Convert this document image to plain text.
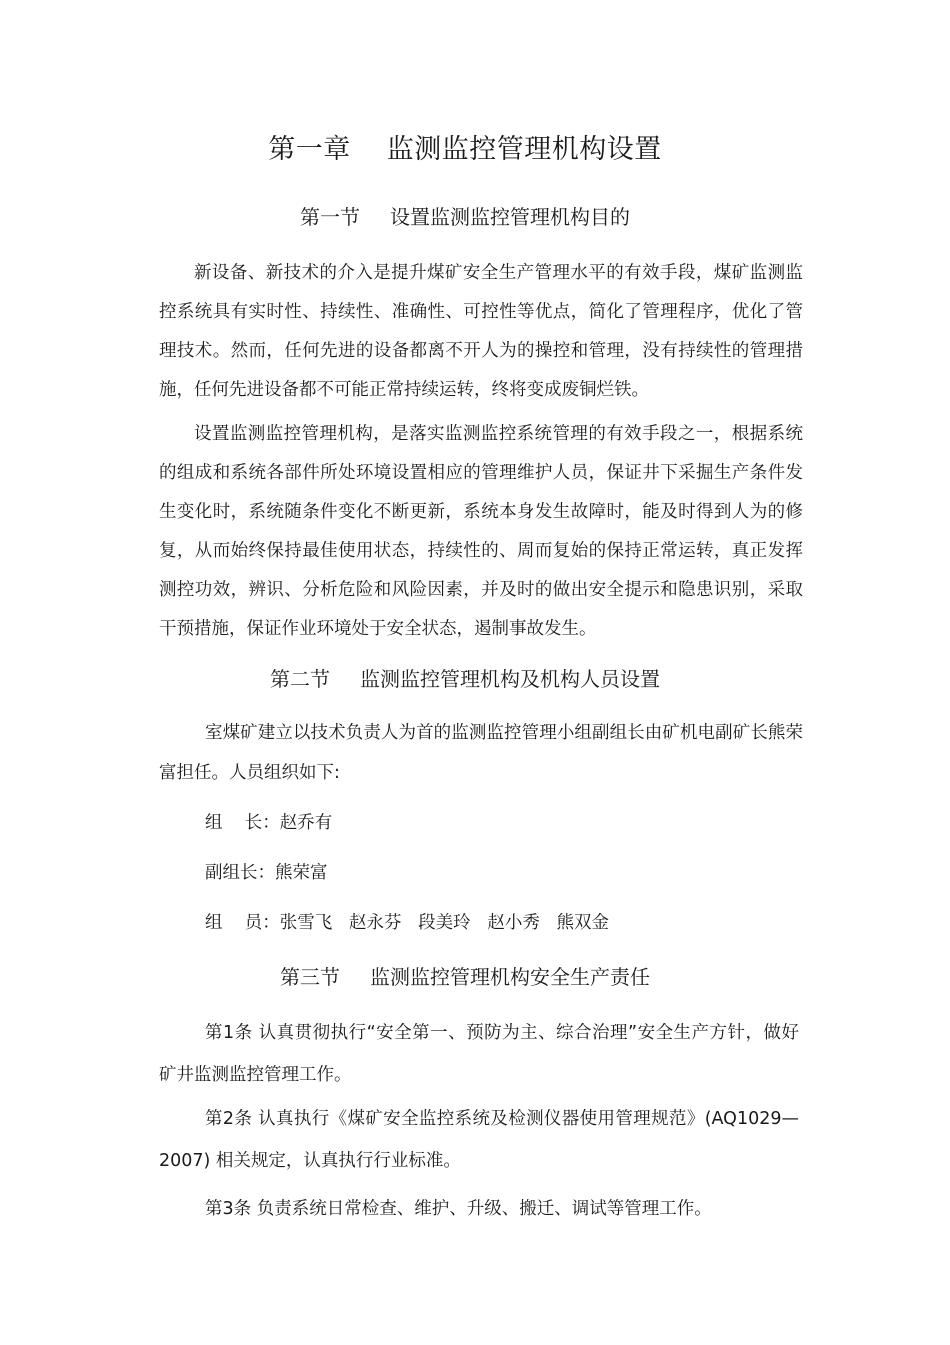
第一章 监测监控管理机构设置
第一节 设置监测监控管理机构目的

新设备、新技术的介入是提升煤矿安全生产管理水平的有效手段，煤矿监测监控系统具有实时性、持续性、准确性、可控性等优点，简化了管理程序，优化了管理技术。然而，任何先进的设备都离不开人为的操控和管理，没有持续性的管理措施，任何先进设备都不可能正常持续运转，终将变成废铜烂铁。

设置监测监控管理机构，是落实监测监控系统管理的有效手段之一，根据系统的组成和系统各部件所处环境设置相应的管理维护人员，保证井下采掘生产条件发生变化时，系统随条件变化不断更新，系统本身发生故障时，能及时得到人为的修复，从而始终保持最佳使用状态，持续性的、周而复始的保持正常运转，真正发挥测控功效，辨识、分析危险和风险因素，并及时的做出安全提示和隐患识别，采取干预措施，保证作业环境处于安全状态，遏制事故发生。

第二节 监测监控管理机构及机构人员设置

室煤矿建立以技术负责人为首的监测监控管理小组副组长由矿机电副矿长熊荣富担任。人员组织如下:

组    长：赵乔有

副组长：熊荣富

组    员：张雪飞   赵永芬   段美玲   赵小秀   熊双金

第三节 监测监控管理机构安全生产责任

第1条 认真贯彻执行“安全第一、预防为主、综合治理”安全生产方针，做好矿井监测监控管理工作。

第2条 认真执行《煤矿安全监控系统及检测仪器使用管理规范》(AQ1029—2007) 相关规定，认真执行行业标准。

第3条 负责系统日常检查、维护、升级、搬迁、调试等管理工作。
